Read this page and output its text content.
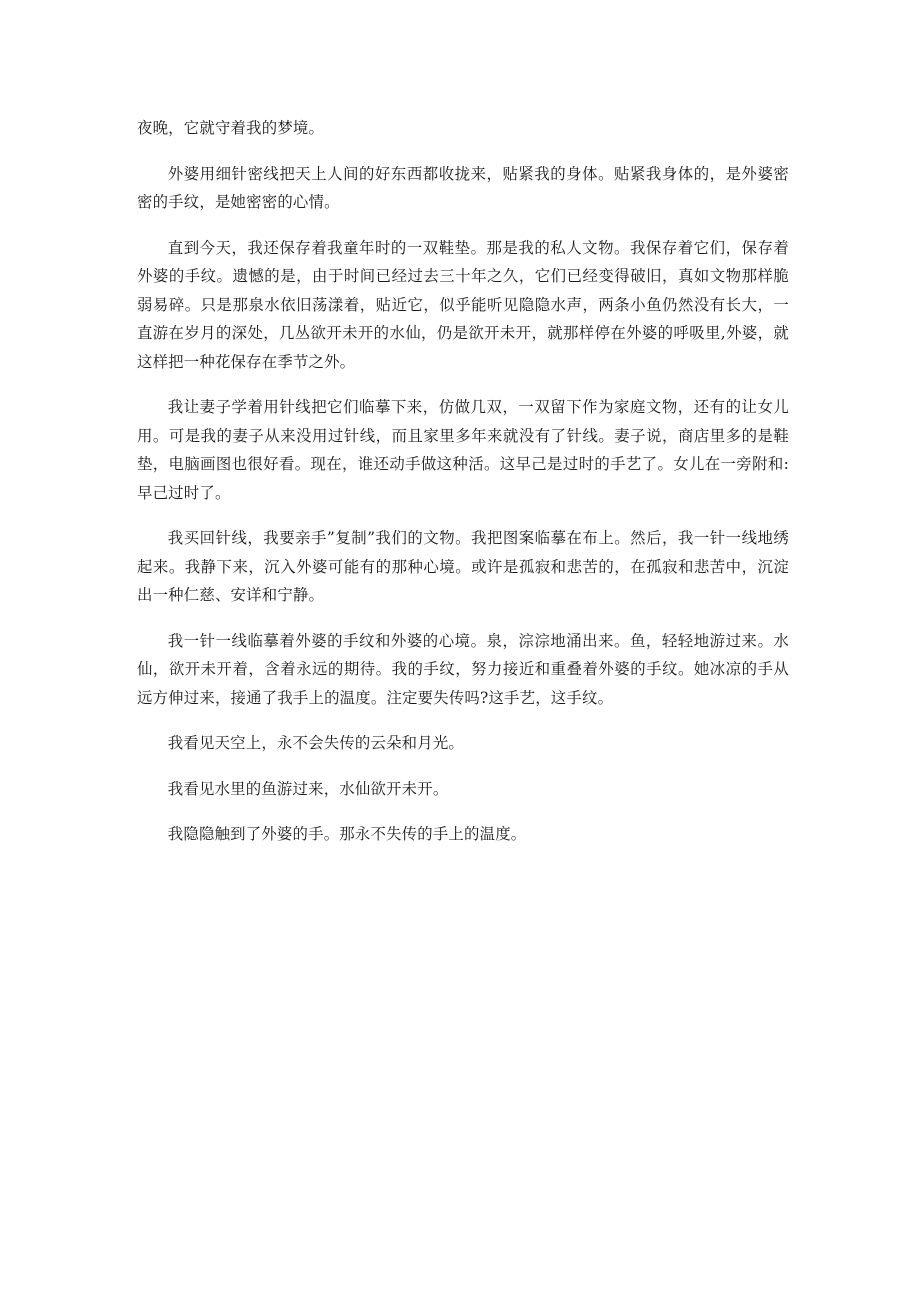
夜晚，它就守着我的梦境。

外婆用细针密线把天上人间的好东西都收拢来，贴紧我的身体。贴紧我身体的，是外婆密密的手纹，是她密密的心情。

直到今天，我还保存着我童年时的一双鞋垫。那是我的私人文物。我保存着它们，保存着外婆的手纹。遗憾的是，由于时间已经过去三十年之久，它们已经变得破旧，真如文物那样脆弱易碎。只是那泉水依旧荡漾着，贴近它，似乎能听见隐隐水声，两条小鱼仍然没有长大，一直游在岁月的深处，几丛欲开未开的水仙，仍是欲开未开，就那样停在外婆的呼吸里,外婆，就这样把一种花保存在季节之外。

我让妻子学着用针线把它们临摹下来，仿做几双，一双留下作为家庭文物，还有的让女儿用。可是我的妻子从来没用过针线，而且家里多年来就没有了针线。妻子说，商店里多的是鞋垫，电脑画图也很好看。现在，谁还动手做这种活。这早己是过时的手艺了。女儿在一旁附和:早己过时了。

我买回针线，我要亲手”复制”我们的文物。我把图案临摹在布上。然后，我一针一线地绣起来。我静下来，沉入外婆可能有的那种心境。或许是孤寂和悲苦的，在孤寂和悲苦中，沉淀出一种仁慈、安详和宁静。

我一针一线临摹着外婆的手纹和外婆的心境。泉，淙淙地涌出来。鱼，轻轻地游过来。水仙，欲开未开着，含着永远的期待。我的手纹，努力接近和重叠着外婆的手纹。她冰凉的手从远方伸过来，接通了我手上的温度。注定要失传吗?这手艺，这手纹。

我看见天空上，永不会失传的云朵和月光。

我看见水里的鱼游过来，水仙欲开未开。

我隐隐触到了外婆的手。那永不失传的手上的温度。
